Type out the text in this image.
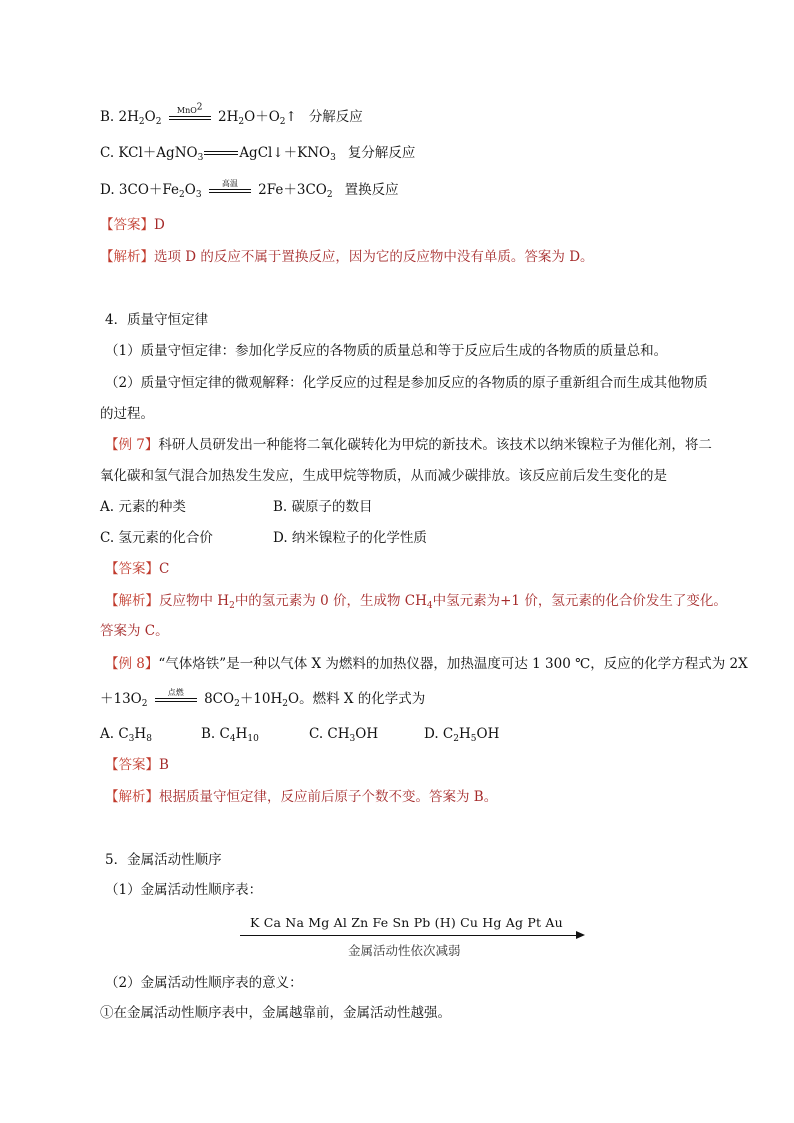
B. $2H_2O_2$
MnO$^2$
$2H_2O+O_2↑$ 分解反应
C. KCl＋AgNO$_3$	$AgCl↓+KNO_3$ 复分解反应
D. $3CO+Fe_2O_3$
高温	$2Fe+3CO_2$ 置换反应
【答案】D
【解析】选项 D 的反应不属于置换反应，因为它的反应物中没有单质。答案为 D。
4．质量守恒定律
（1）质量守恒定律：参加化学反应的各物质的质量总和等于反应后生成的各物质的质量总和。
（2）质量守恒定律的微观解释：化学反应的过程是参加反应的各物质的原子重新组合而生成其他物质
的过程。
【例 7】科研人员研发出一种能将二氧化碳转化为甲烷的新技术。该技术以纳米镍粒子为催化剂，将二
氧化碳和氢气混合加热发生发应，生成甲烷等物质，从而减少碳排放。该反应前后发生变化的是
A. 元素的种类	B. 碳原子的数目
C. 氢元素的化合价	D. 纳米镍粒子的化学性质
【答案】C
【解析】反应物中 $H_2$中的氢元素为 0 价，生成物 $CH_4$中氢元素为+1 价，氢元素的化合价发生了变化。
答案为 C。
【例 8】“气体烙铁”是一种以气体 X 为燃料的加热仪器，加热温度可达 1 300 ℃，反应的化学方程式为 2X
$+13O_2$
点燃	$8CO_2+10H_2O$。燃料 X 的化学式为
A. $C_3H_8$	B. $C_4H_{10}$	C. $CH_3OH$	D. $C_2H_5OH$
【答案】B
【解析】根据质量守恒定律，反应前后原子个数不变。答案为 B。
5．金属活动性顺序
（1）金属活动性顺序表：
K Ca Na Mg Al Zn Fe Sn Pb (H) Cu Hg Ag Pt Au
金属活动性依次减弱
（2）金属活动性顺序表的意义：
①在金属活动性顺序表中，金属越靠前，金属活动性越强。
